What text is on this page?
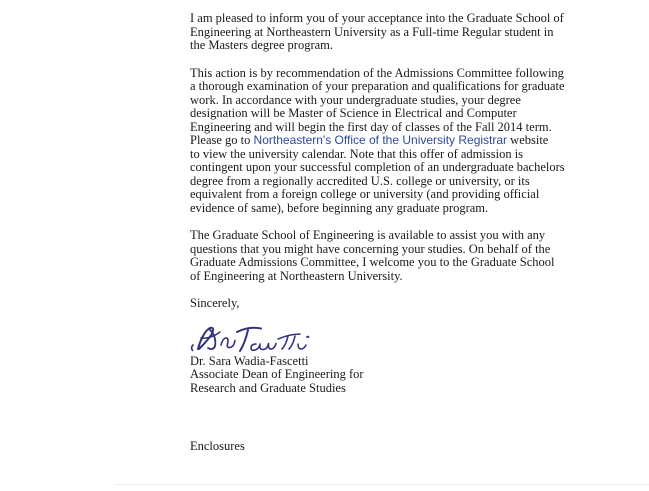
I am pleased to inform you of your acceptance into the Graduate School of
Engineering at Northeastern University as a Full-time Regular student in
the Masters degree program.
This action is by recommendation of the Admissions Committee following
a thorough examination of your preparation and qualifications for graduate
work. In accordance with your undergraduate studies, your degree
designation will be Master of Science in Electrical and Computer
Engineering and will begin the first day of classes of the Fall 2014 term.
Please go to Northeastern's Office of the University Registrar website
to view the university calendar. Note that this offer of admission is
contingent upon your successful completion of an undergraduate bachelors
degree from a regionally accredited U.S. college or university, or its
equivalent from a foreign college or university (and providing official
evidence of same), before beginning any graduate program.
The Graduate School of Engineering is available to assist you with any
questions that you might have concerning your studies. On behalf of the
Graduate Admissions Committee, I welcome you to the Graduate School
of Engineering at Northeastern University.
Sincerely,
Dr. Sara Wadia-Fascetti
Associate Dean of Engineering for
Research and Graduate Studies
Enclosures
